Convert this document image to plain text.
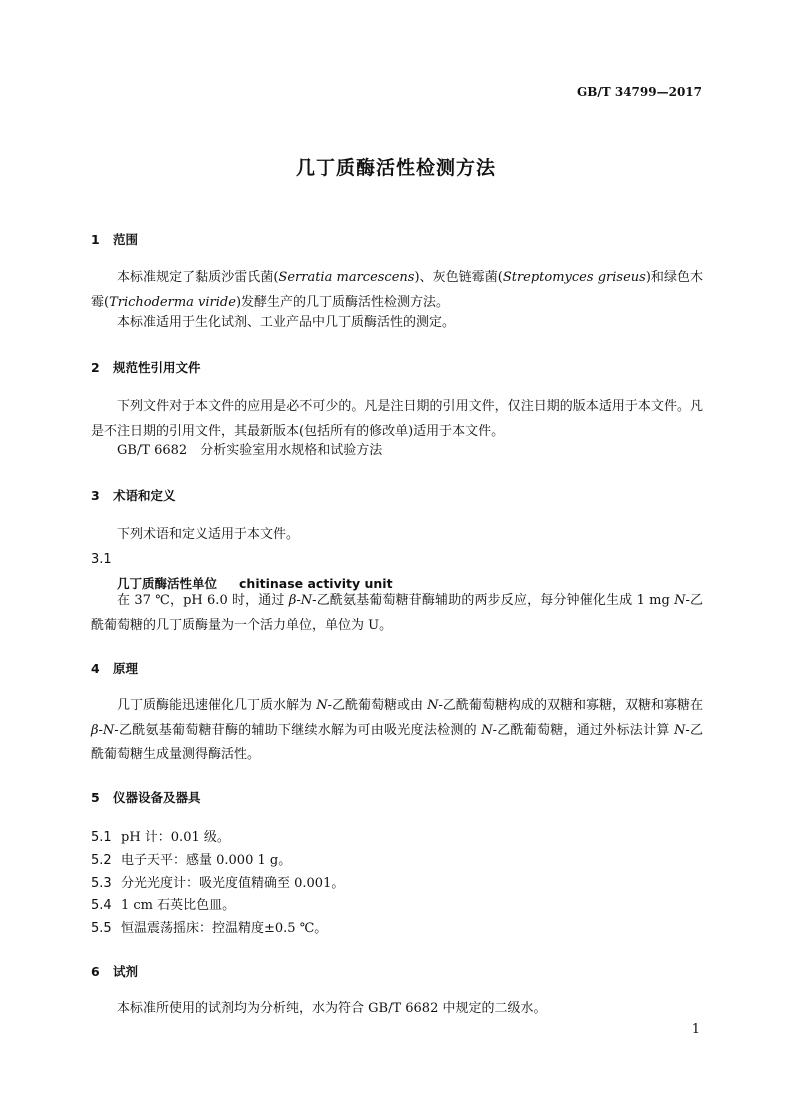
GB/T 34799—2017
几丁质酶活性检测方法
1 范围

本标准规定了黏质沙雷氏菌(Serratia marcescens)、灰色链霉菌(Streptomyces griseus)和绿色木霉(Trichoderma viride)发酵生产的几丁质酶活性检测方法。

本标准适用于生化试剂、工业产品中几丁质酶活性的测定。

2 规范性引用文件

下列文件对于本文件的应用是必不可少的。凡是注日期的引用文件，仅注日期的版本适用于本文件。凡是不注日期的引用文件，其最新版本(包括所有的修改单)适用于本文件。

GB/T 6682　分析实验室用水规格和试验方法

3 术语和定义

下列术语和定义适用于本文件。

3.1
几丁质酶活性单位 chitinase activity unit

在 37 ℃，pH 6.0 时，通过 β-N-乙酰氨基葡萄糖苷酶辅助的两步反应，每分钟催化生成 1 mg N-乙酰葡萄糖的几丁质酶量为一个活力单位，单位为 U。

4 原理

几丁质酶能迅速催化几丁质水解为 N-乙酰葡萄糖或由 N-乙酰葡萄糖构成的双糖和寡糖，双糖和寡糖在 β-N-乙酰氨基葡萄糖苷酶的辅助下继续水解为可由吸光度法检测的 N-乙酰葡萄糖，通过外标法计算 N-乙酰葡萄糖生成量测得酶活性。

5 仪器设备及器具
5.1 pH 计：0.01 级。
5.2 电子天平：感量 0.000 1 g。
5.3 分光光度计：吸光度值精确至 0.001。
5.4 1 cm 石英比色皿。
5.5 恒温震荡摇床：控温精度±0.5 ℃。
6 试剂

本标准所使用的试剂均为分析纯，水为符合 GB/T 6682 中规定的二级水。

1
